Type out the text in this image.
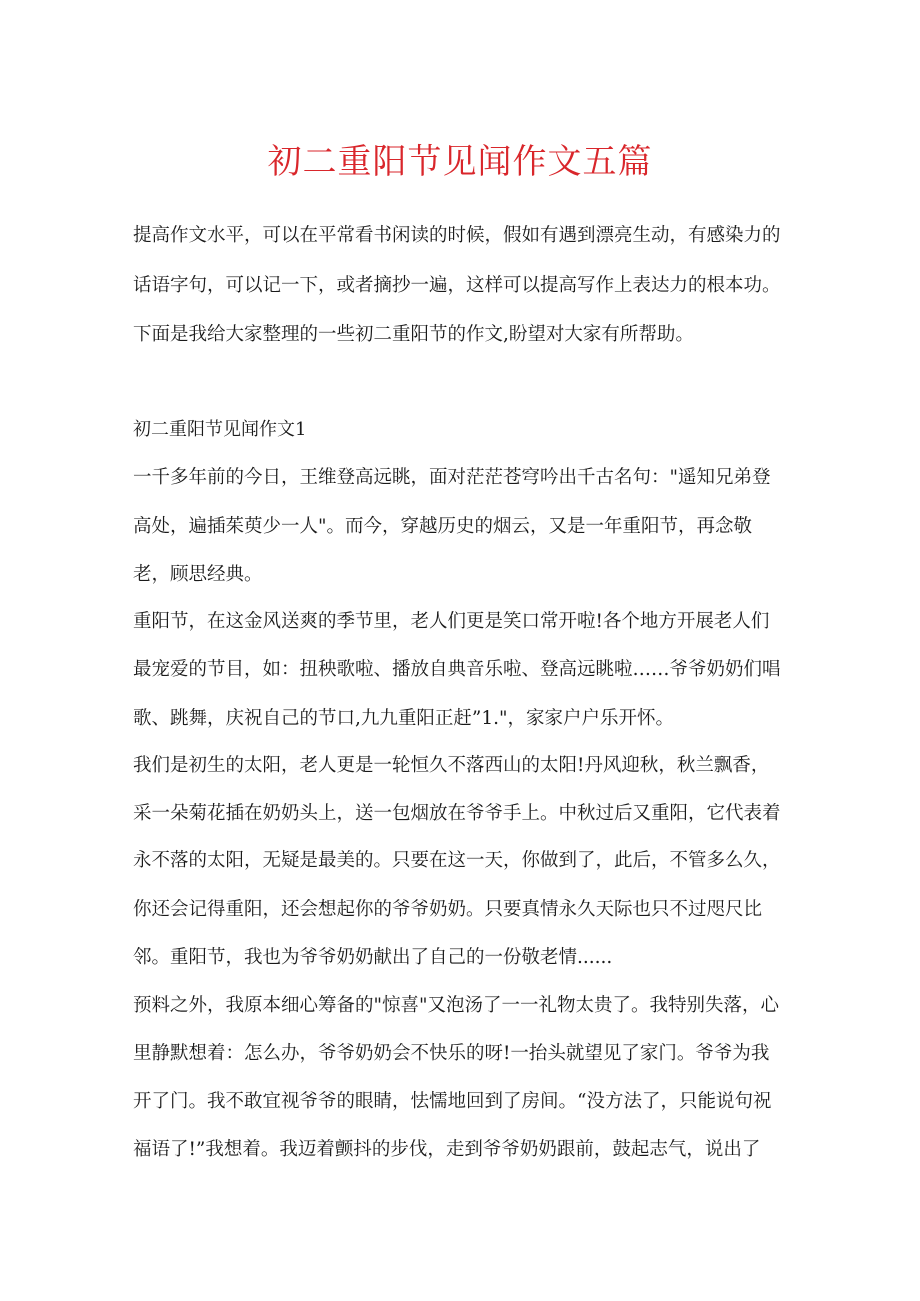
初二重阳节见闻作文五篇
提高作文水平，可以在平常看书闲读的时候，假如有遇到漂亮生动，有感染力的
话语字句，可以记一下，或者摘抄一遍，这样可以提高写作上表达力的根本功。
下面是我给大家整理的一些初二重阳节的作文,盼望对大家有所帮助。
初二重阳节见闻作文1
一千多年前的今日，王维登高远眺，面对茫茫苍穹吟出千古名句："遥知兄弟登
高处，遍插茱萸少一人"。而今，穿越历史的烟云，又是一年重阳节，再念敬
老，顾思经典。
重阳节，在这金风送爽的季节里，老人们更是笑口常开啦!各个地方开展老人们
最宠爱的节目，如：扭秧歌啦、播放自典音乐啦、登高远眺啦……爷爷奶奶们唱
歌、跳舞，庆祝自己的节口,九九重阳正赶”1."，家家户户乐开怀。
我们是初生的太阳，老人更是一轮恒久不落西山的太阳!丹风迎秋，秋兰飘香，
采一朵菊花插在奶奶头上，送一包烟放在爷爷手上。中秋过后又重阳，它代表着
永不落的太阳，无疑是最美的。只要在这一天，你做到了，此后，不管多么久，
你还会记得重阳，还会想起你的爷爷奶奶。只要真情永久天际也只不过咫尺比
邻。重阳节，我也为爷爷奶奶献出了自己的一份敬老情......
预料之外，我原本细心筹备的"惊喜"又泡汤了一一礼物太贵了。我特别失落，心
里静默想着：怎么办，爷爷奶奶会不快乐的呀!一抬头就望见了家门。爷爷为我
开了门。我不敢宜视爷爷的眼睛，怯懦地回到了房间。“没方法了，只能说句祝
福语了!”我想着。我迈着颤抖的步伐，走到爷爷奶奶跟前，鼓起志气，说出了
